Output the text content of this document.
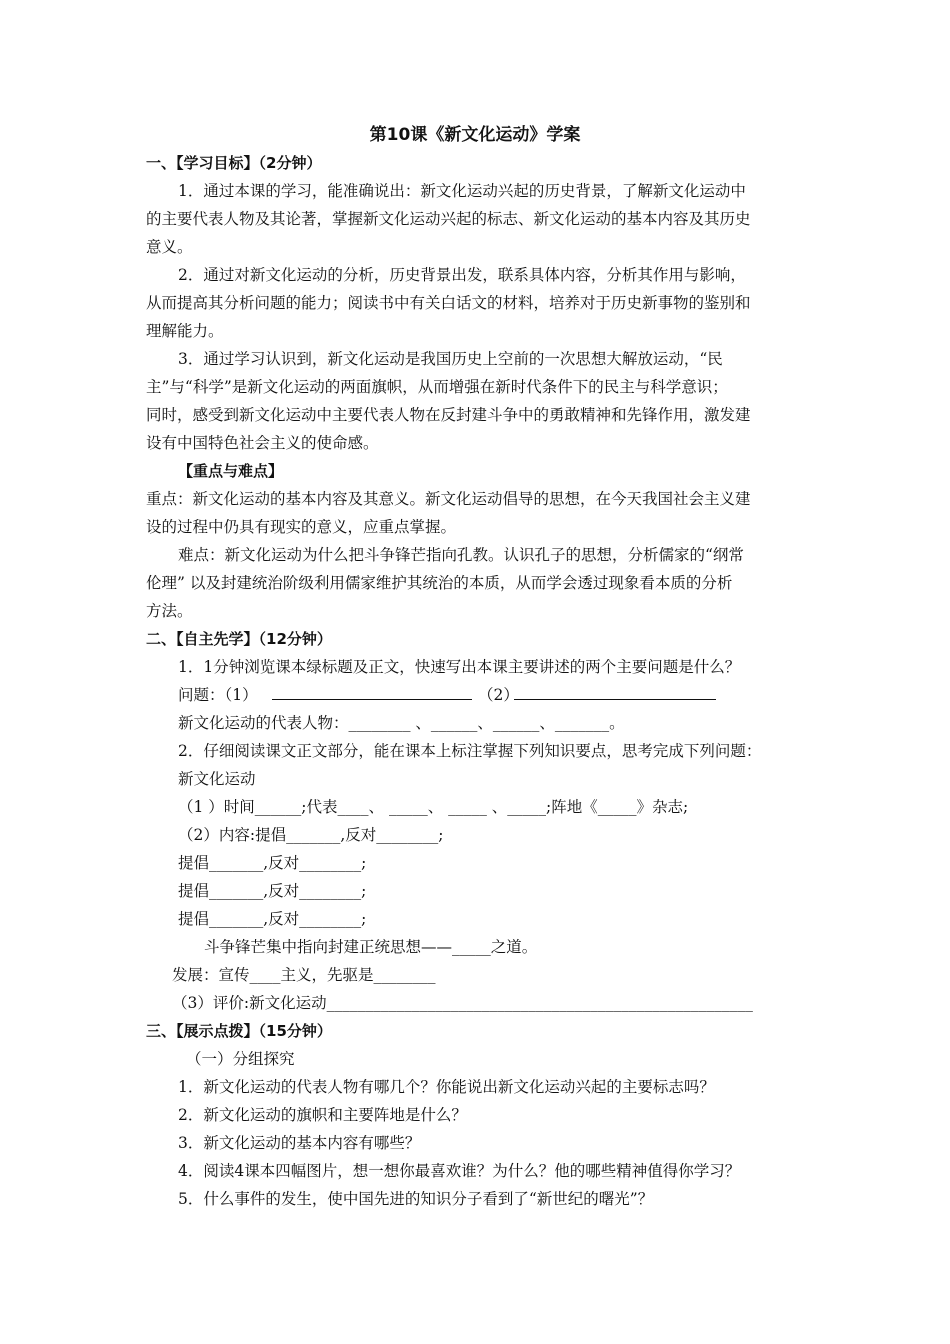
第10课《新文化运动》学案
一、【学习目标】（2分钟）
1．通过本课的学习，能准确说出：新文化运动兴起的历史背景，了解新文化运动中
的主要代表人物及其论著，掌握新文化运动兴起的标志、新文化运动的基本内容及其历史
意义。
2．通过对新文化运动的分析，历史背景出发，联系具体内容，分析其作用与影响，
从而提高其分析问题的能力；阅读书中有关白话文的材料，培养对于历史新事物的鉴别和
理解能力。
3．通过学习认识到，新文化运动是我国历史上空前的一次思想大解放运动，“民
主”与“科学”是新文化运动的两面旗帜，从而增强在新时代条件下的民主与科学意识；
同时，感受到新文化运动中主要代表人物在反封建斗争中的勇敢精神和先锋作用，激发建
设有中国特色社会主义的使命感。
【重点与难点】
重点：新文化运动的基本内容及其意义。新文化运动倡导的思想，在今天我国社会主义建
设的过程中仍具有现实的意义，应重点掌握。
难点：新文化运动为什么把斗争锋芒指向孔教。认识孔子的思想，分析儒家的“纲常
伦理” 以及封建统治阶级利用儒家维护其统治的本质，从而学会透过现象看本质的分析
方法。
二、【自主先学】（12分钟）
1．1分钟浏览课本绿标题及正文，快速写出本课主要讲述的两个主要问题是什么？
问题：（1）	（2）
新文化运动的代表人物：________ 、______、______、_______。
2．仔细阅读课文正文部分，能在课本上标注掌握下列知识要点，思考完成下列问题：
新文化运动
（1 ）时间______;代表____、 _____、 _____ 、_____;阵地《_____》杂志;
（2）内容:提倡_______,反对________;
提倡_______,反对________;
提倡_______,反对________;
提倡_______,反对________;
斗争锋芒集中指向封建正统思想——_____之道。
发展：宣传____主义，先驱是________
（3）评价:新文化运动_______________________________________________________
三、【展示点拨】（15分钟）
（一）分组探究
1．新文化运动的代表人物有哪几个？你能说出新文化运动兴起的主要标志吗？
2．新文化运动的旗帜和主要阵地是什么？
3．新文化运动的基本内容有哪些？
4．阅读4课本四幅图片，想一想你最喜欢谁？为什么？他的哪些精神值得你学习？
5．什么事件的发生，使中国先进的知识分子看到了“新世纪的曙光”？
